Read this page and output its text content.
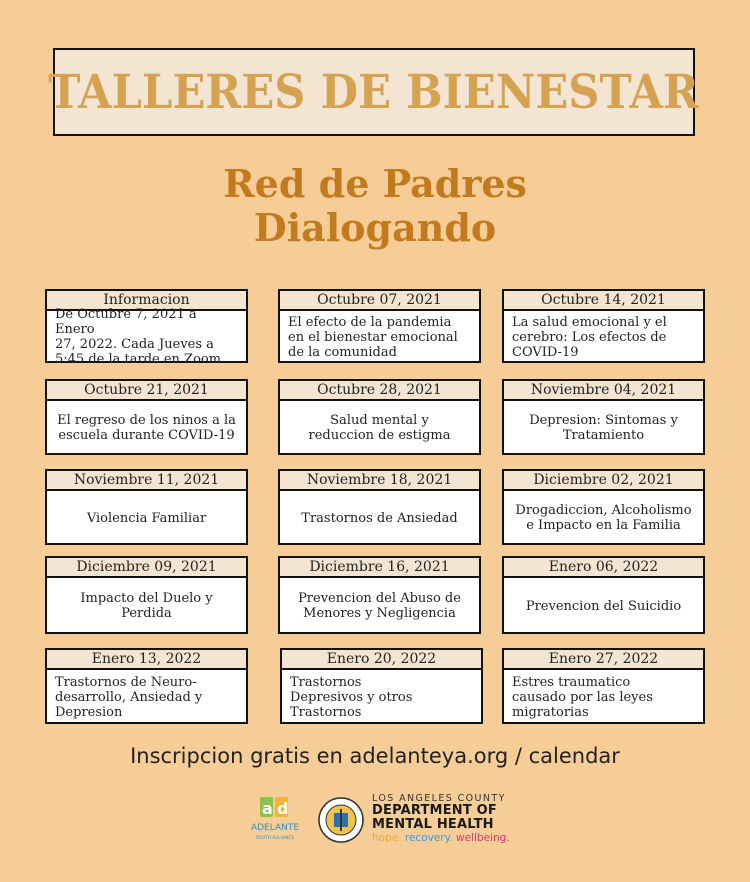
TALLERES DE BIENESTAR
Red de Padres
Dialogando
Informacion
De Octubre 7, 2021 a Enero
27, 2022. Cada Jueves a
5:45 de la tarde en Zoom.
Octubre 07, 2021
El efecto de la pandemia
en el bienestar emocional
de la comunidad
Octubre 14, 2021
La salud emocional y el
cerebro: Los efectos de
COVID-19
Octubre 21, 2021
El regreso de los ninos a la
escuela durante COVID-19
Octubre 28, 2021
Salud mental y
reduccion de estigma
Noviembre 04, 2021
Depresion: Sintomas y
Tratamiento
Noviembre 11, 2021
Violencia Familiar
Noviembre 18, 2021
Trastornos de Ansiedad
Diciembre 02, 2021
Drogadiccion, Alcoholismo
e Impacto en la Familia
Diciembre 09, 2021
Impacto del Duelo y Perdida
Diciembre 16, 2021
Prevencion del Abuso de
Menores y Negligencia
Enero 06, 2022
Prevencion del Suicidio
Enero 13, 2022
Trastornos de Neuro-
desarrollo, Ansiedad y
Depresion
Enero 20, 2022
Trastornos
Depresivos y otros
Trastornos
Enero 27, 2022
Estres traumatico
causado por las leyes
migratorias
Inscripcion gratis en adelanteya.org / calendar
a d
ADELANTE
YOUTH ALLIANCE
LOS ANGELES COUNTY
DEPARTMENT OF
MENTAL HEALTH
hope. recovery. wellbeing.
